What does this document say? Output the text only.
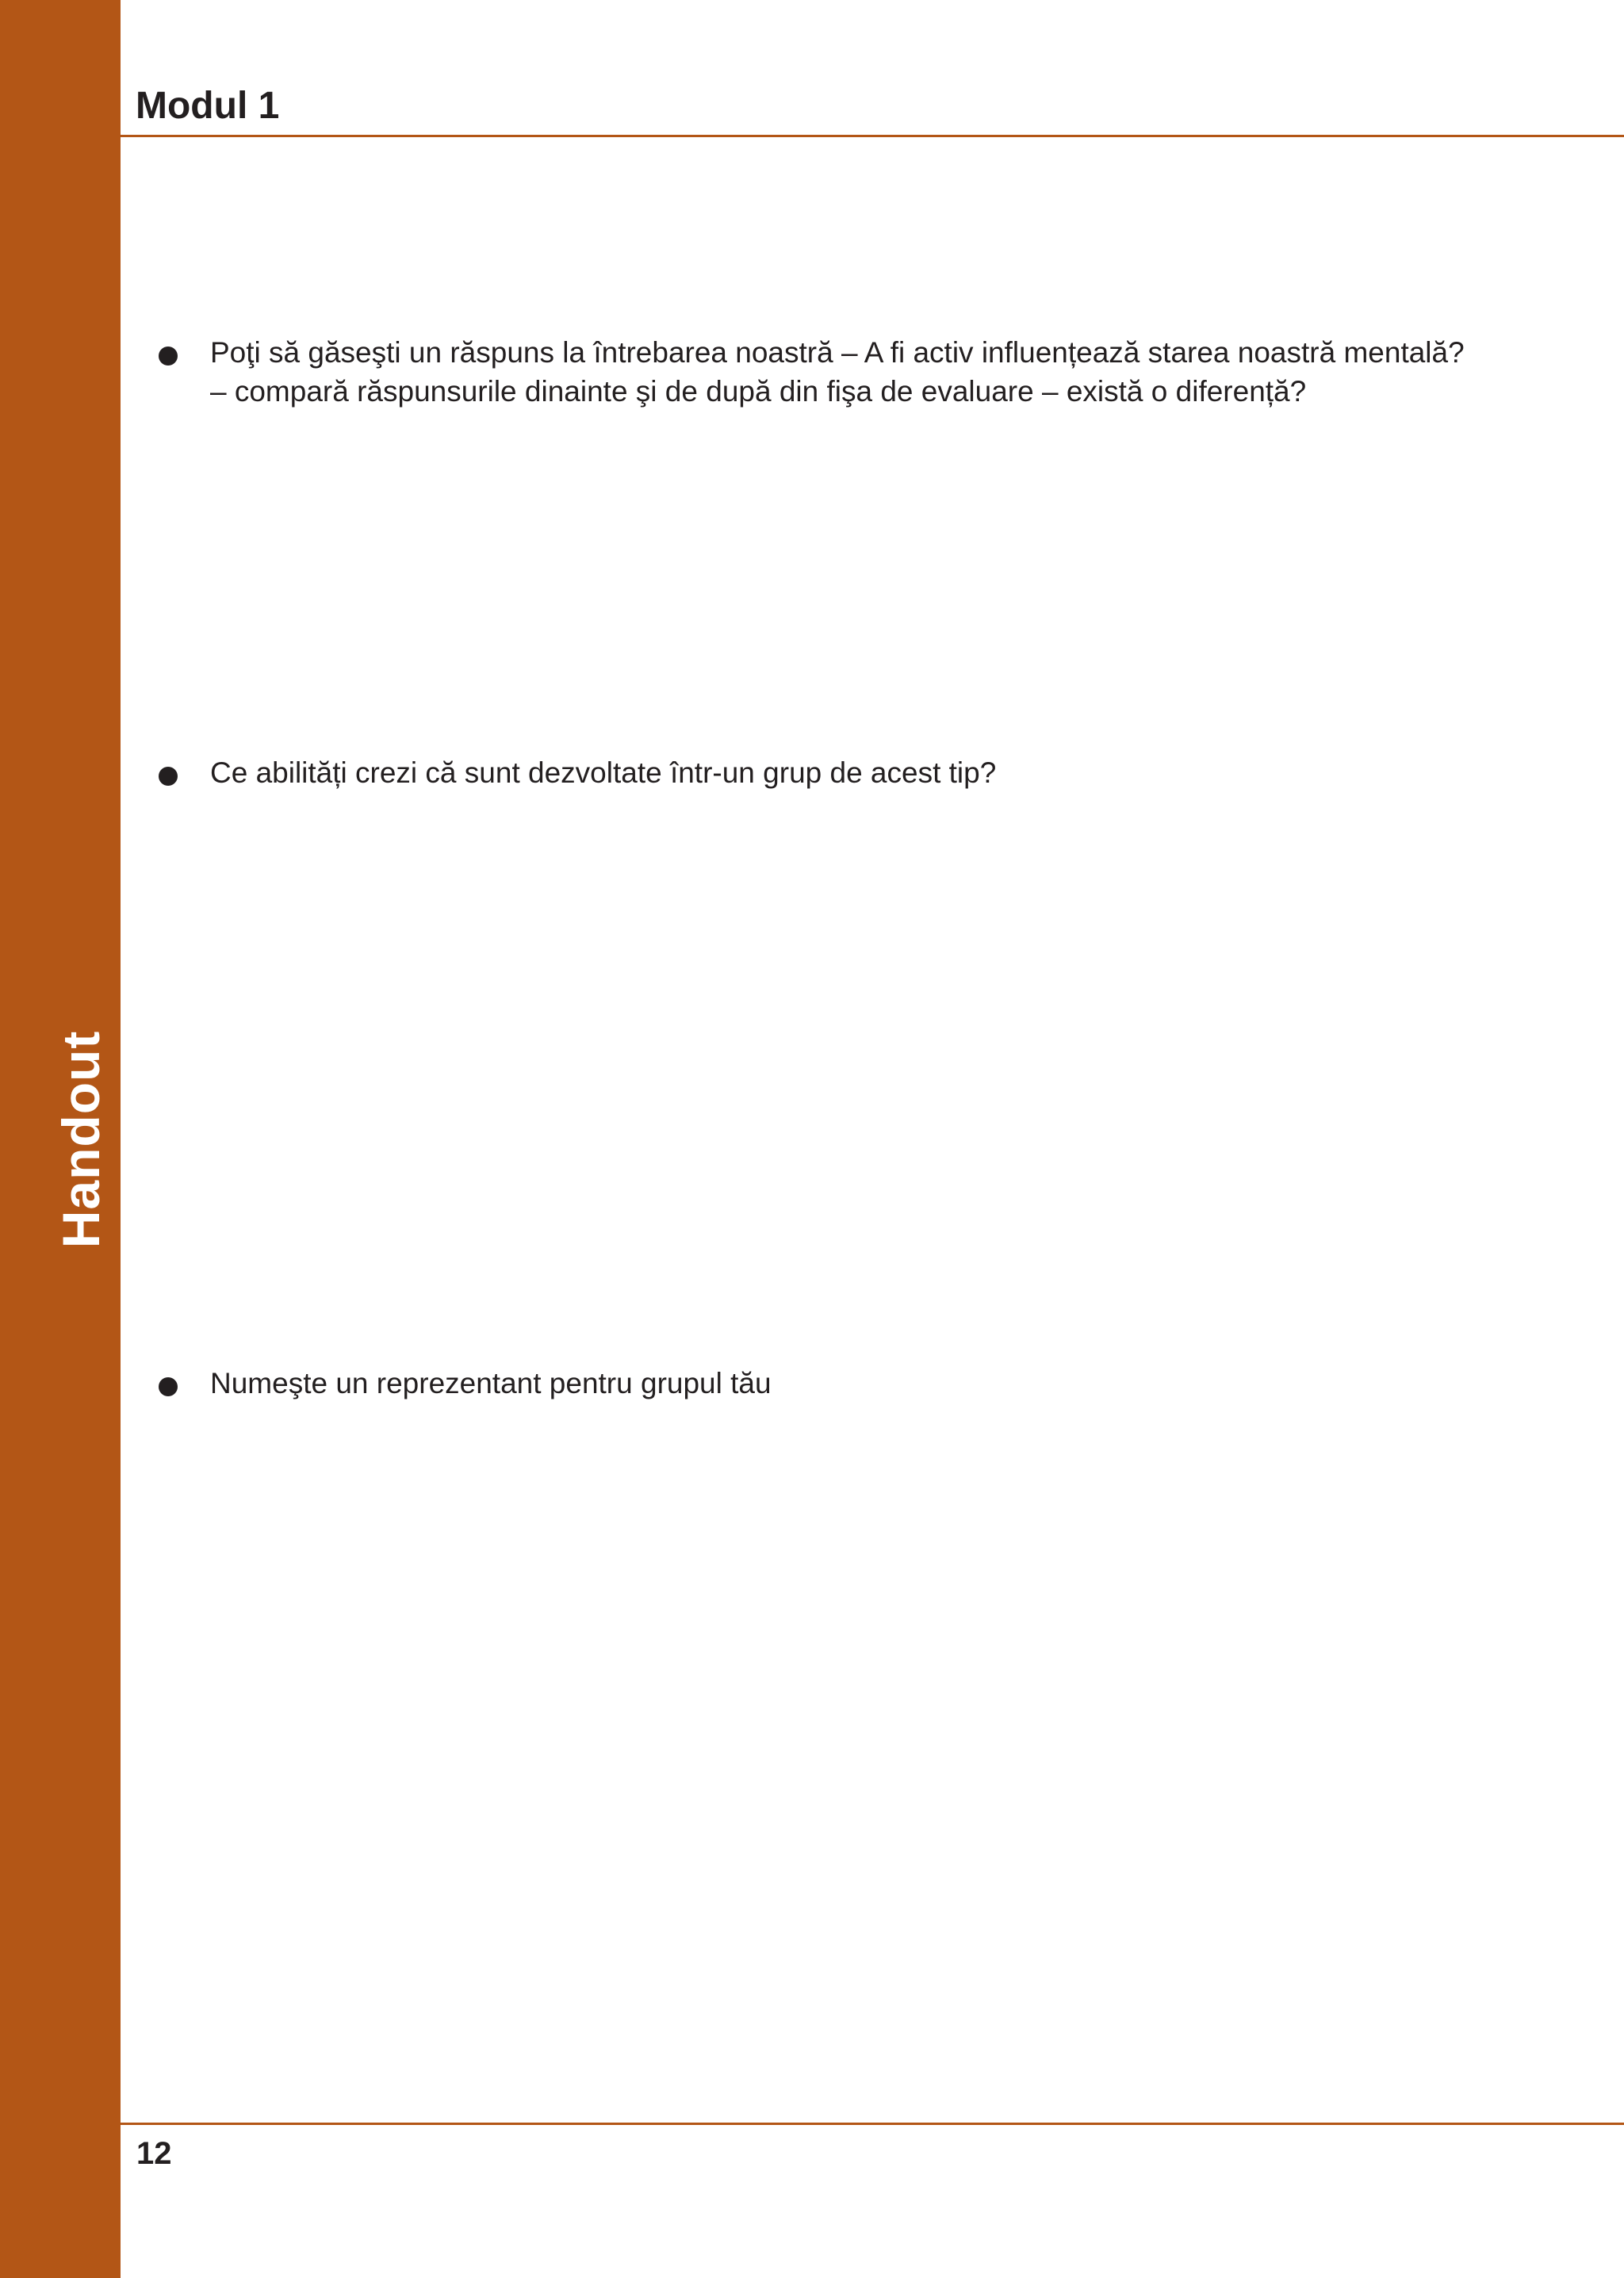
Handout
Modul 1
Poţi să găseşti un răspuns la întrebarea noastră – A fi activ influențează starea noastră mentală?
– compară răspunsurile dinainte şi de după din fişa de evaluare – există o diferență?
Ce abilități crezi că sunt dezvoltate într-un grup de acest tip?
Numeşte un reprezentant pentru grupul tău
12
